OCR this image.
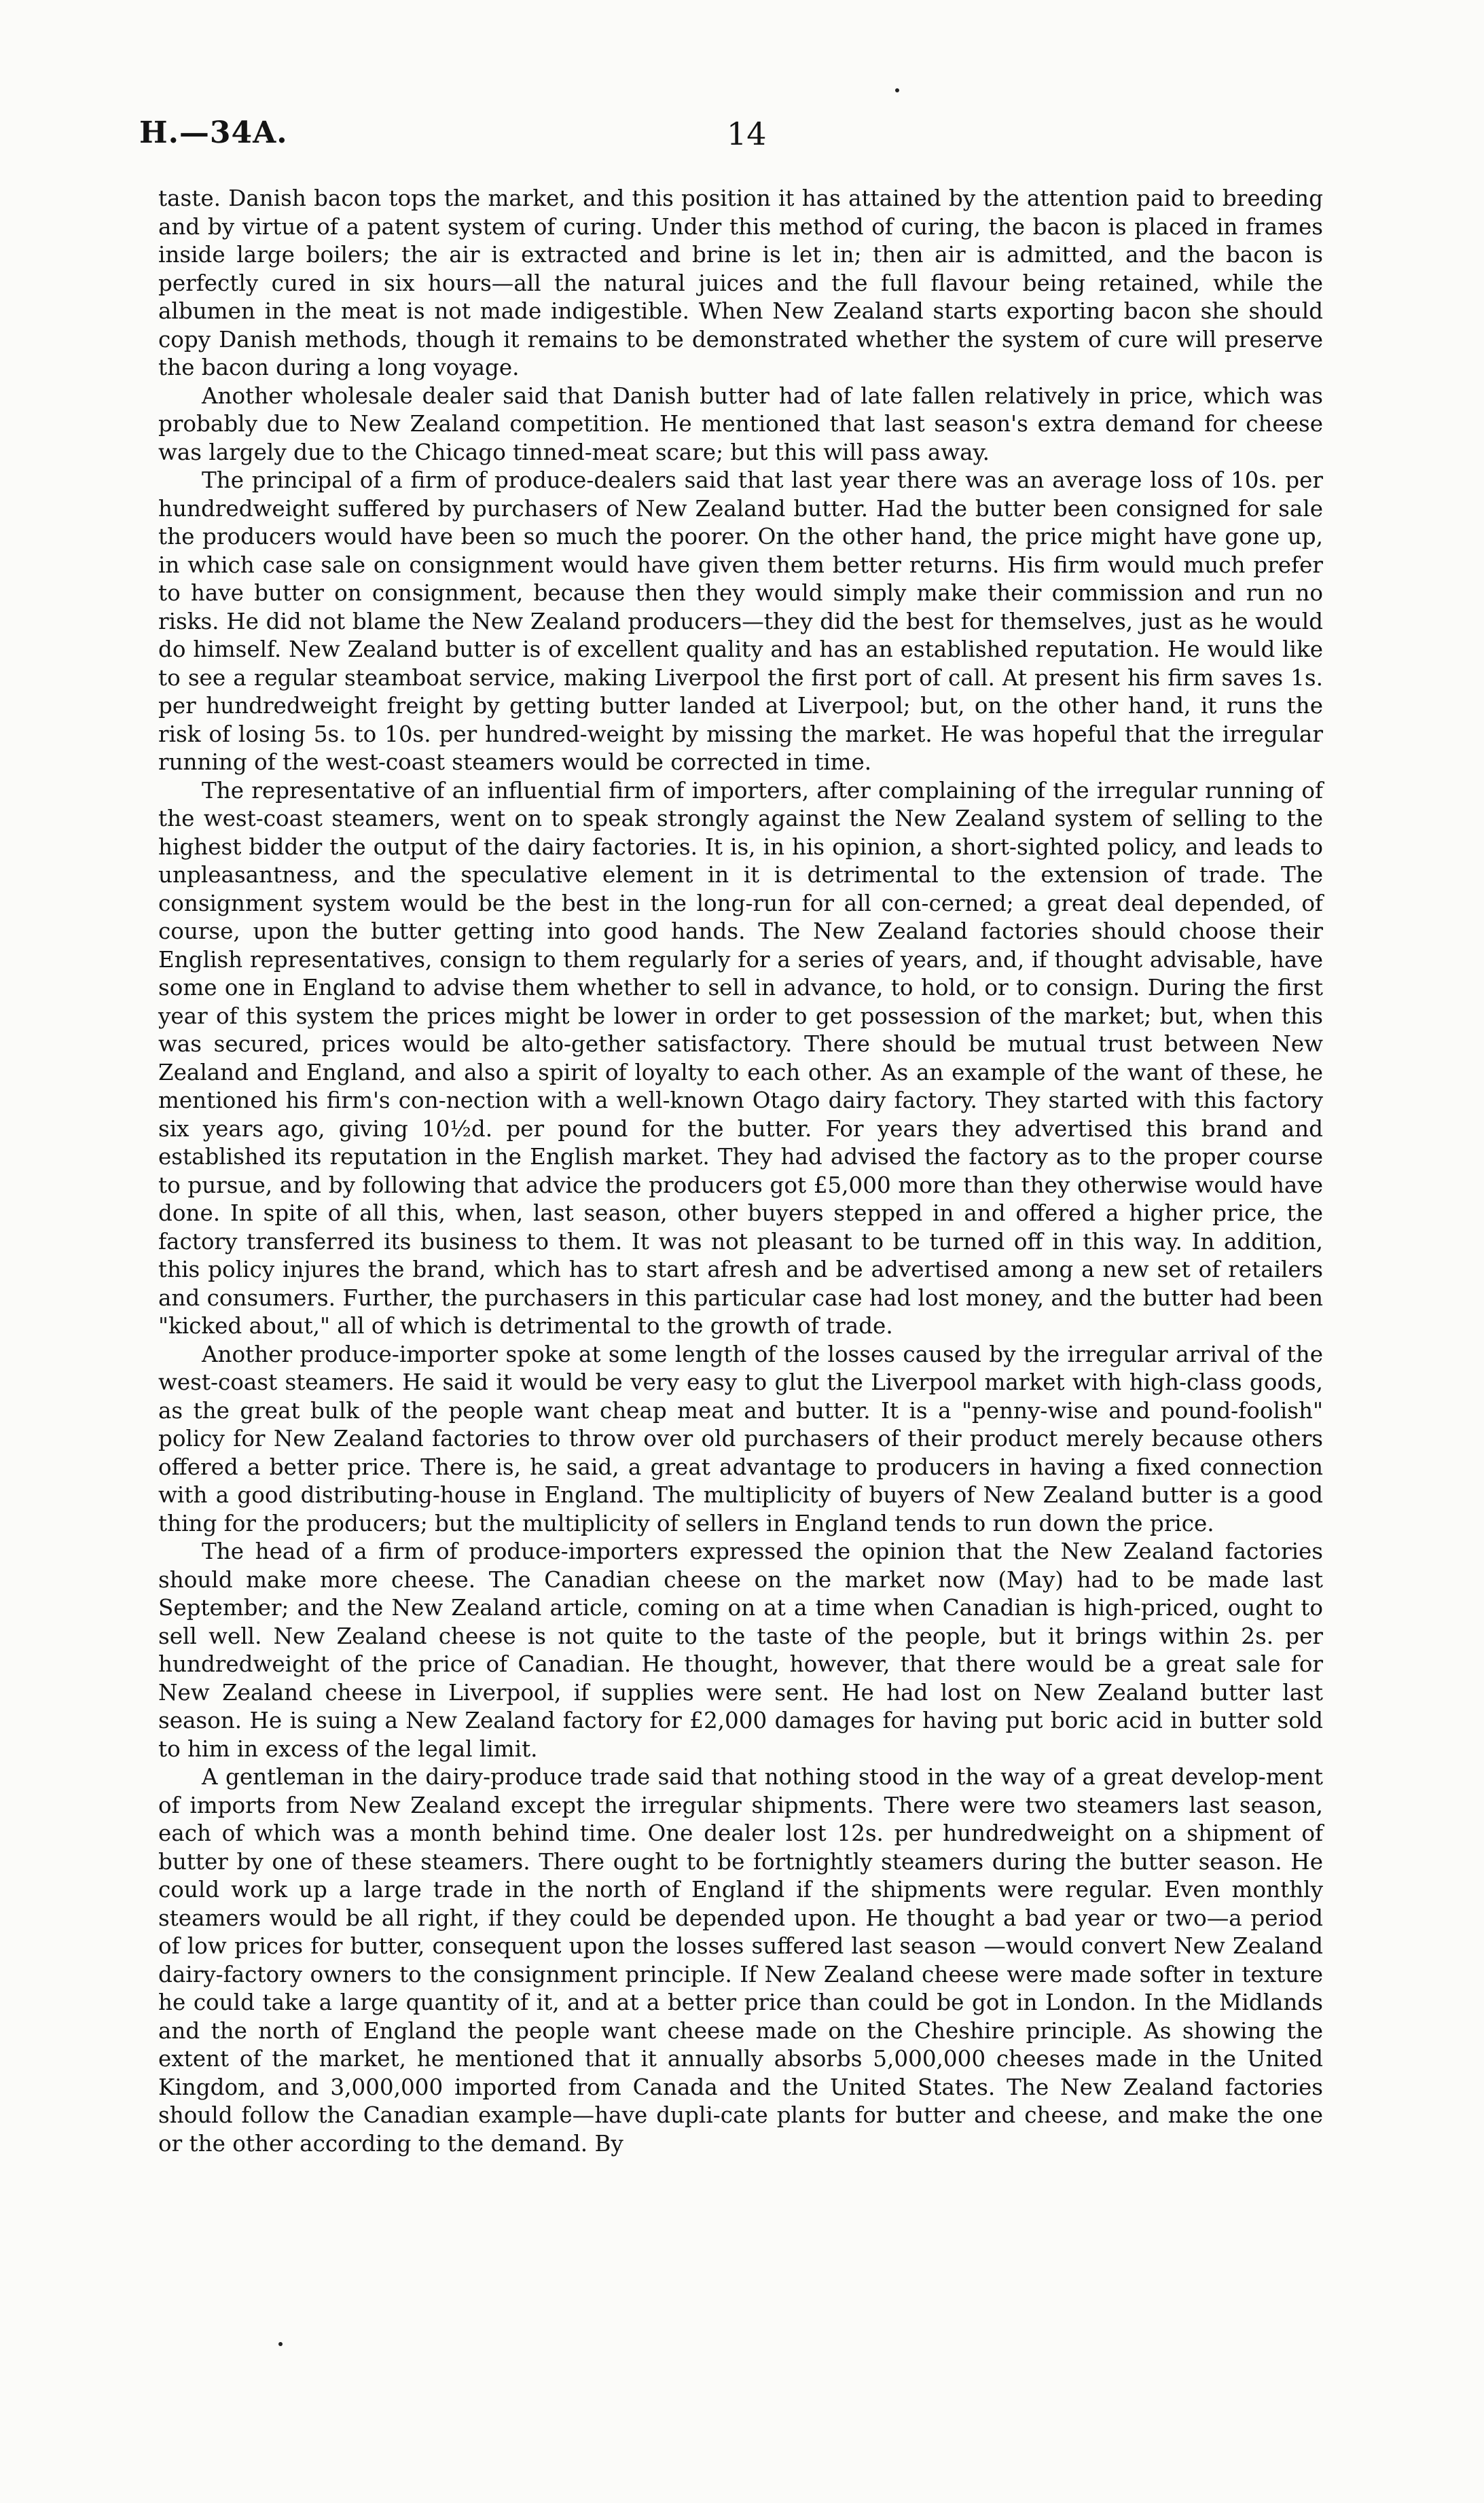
H.—34A.	14

taste. Danish bacon tops the market, and this position it has attained by the attention paid to breeding and by virtue of a patent system of curing. Under this method of curing, the bacon is placed in frames inside large boilers; the air is extracted and brine is let in; then air is admitted, and the bacon is perfectly cured in six hours—all the natural juices and the full flavour being retained, while the albumen in the meat is not made indigestible. When New Zealand starts exporting bacon she should copy Danish methods, though it remains to be demonstrated whether the system of cure will preserve the bacon during a long voyage.

Another wholesale dealer said that Danish butter had of late fallen relatively in price, which was probably due to New Zealand competition. He mentioned that last season's extra demand for cheese was largely due to the Chicago tinned-meat scare; but this will pass away.

The principal of a firm of produce-dealers said that last year there was an average loss of 10s. per hundredweight suffered by purchasers of New Zealand butter. Had the butter been consigned for sale the producers would have been so much the poorer. On the other hand, the price might have gone up, in which case sale on consignment would have given them better returns. His firm would much prefer to have butter on consignment, because then they would simply make their commission and run no risks. He did not blame the New Zealand producers—they did the best for themselves, just as he would do himself. New Zealand butter is of excellent quality and has an established reputation. He would like to see a regular steamboat service, making Liverpool the first port of call. At present his firm saves 1s. per hundredweight freight by getting butter landed at Liverpool; but, on the other hand, it runs the risk of losing 5s. to 10s. per hundred-weight by missing the market. He was hopeful that the irregular running of the west-coast steamers would be corrected in time.

The representative of an influential firm of importers, after complaining of the irregular running of the west-coast steamers, went on to speak strongly against the New Zealand system of selling to the highest bidder the output of the dairy factories. It is, in his opinion, a short-sighted policy, and leads to unpleasantness, and the speculative element in it is detrimental to the extension of trade. The consignment system would be the best in the long-run for all con-cerned; a great deal depended, of course, upon the butter getting into good hands. The New Zealand factories should choose their English representatives, consign to them regularly for a series of years, and, if thought advisable, have some one in England to advise them whether to sell in advance, to hold, or to consign. During the first year of this system the prices might be lower in order to get possession of the market; but, when this was secured, prices would be alto-gether satisfactory. There should be mutual trust between New Zealand and England, and also a spirit of loyalty to each other. As an example of the want of these, he mentioned his firm's con-nection with a well-known Otago dairy factory. They started with this factory six years ago, giving 10½d. per pound for the butter. For years they advertised this brand and established its reputation in the English market. They had advised the factory as to the proper course to pursue, and by following that advice the producers got £5,000 more than they otherwise would have done. In spite of all this, when, last season, other buyers stepped in and offered a higher price, the factory transferred its business to them. It was not pleasant to be turned off in this way. In addition, this policy injures the brand, which has to start afresh and be advertised among a new set of retailers and consumers. Further, the purchasers in this particular case had lost money, and the butter had been "kicked about," all of which is detrimental to the growth of trade.

Another produce-importer spoke at some length of the losses caused by the irregular arrival of the west-coast steamers. He said it would be very easy to glut the Liverpool market with high-class goods, as the great bulk of the people want cheap meat and butter. It is a "penny-wise and pound-foolish" policy for New Zealand factories to throw over old purchasers of their product merely because others offered a better price. There is, he said, a great advantage to producers in having a fixed connection with a good distributing-house in England. The multiplicity of buyers of New Zealand butter is a good thing for the producers; but the multiplicity of sellers in England tends to run down the price.

The head of a firm of produce-importers expressed the opinion that the New Zealand factories should make more cheese. The Canadian cheese on the market now (May) had to be made last September; and the New Zealand article, coming on at a time when Canadian is high-priced, ought to sell well. New Zealand cheese is not quite to the taste of the people, but it brings within 2s. per hundredweight of the price of Canadian. He thought, however, that there would be a great sale for New Zealand cheese in Liverpool, if supplies were sent. He had lost on New Zealand butter last season. He is suing a New Zealand factory for £2,000 damages for having put boric acid in butter sold to him in excess of the legal limit.

A gentleman in the dairy-produce trade said that nothing stood in the way of a great develop-ment of imports from New Zealand except the irregular shipments. There were two steamers last season, each of which was a month behind time. One dealer lost 12s. per hundredweight on a shipment of butter by one of these steamers. There ought to be fortnightly steamers during the butter season. He could work up a large trade in the north of England if the shipments were regular. Even monthly steamers would be all right, if they could be depended upon. He thought a bad year or two—a period of low prices for butter, consequent upon the losses suffered last season —would convert New Zealand dairy-factory owners to the consignment principle. If New Zealand cheese were made softer in texture he could take a large quantity of it, and at a better price than could be got in London. In the Midlands and the north of England the people want cheese made on the Cheshire principle. As showing the extent of the market, he mentioned that it annually absorbs 5,000,000 cheeses made in the United Kingdom, and 3,000,000 imported from Canada and the United States. The New Zealand factories should follow the Canadian example—have dupli-cate plants for butter and cheese, and make the one or the other according to the demand. By
